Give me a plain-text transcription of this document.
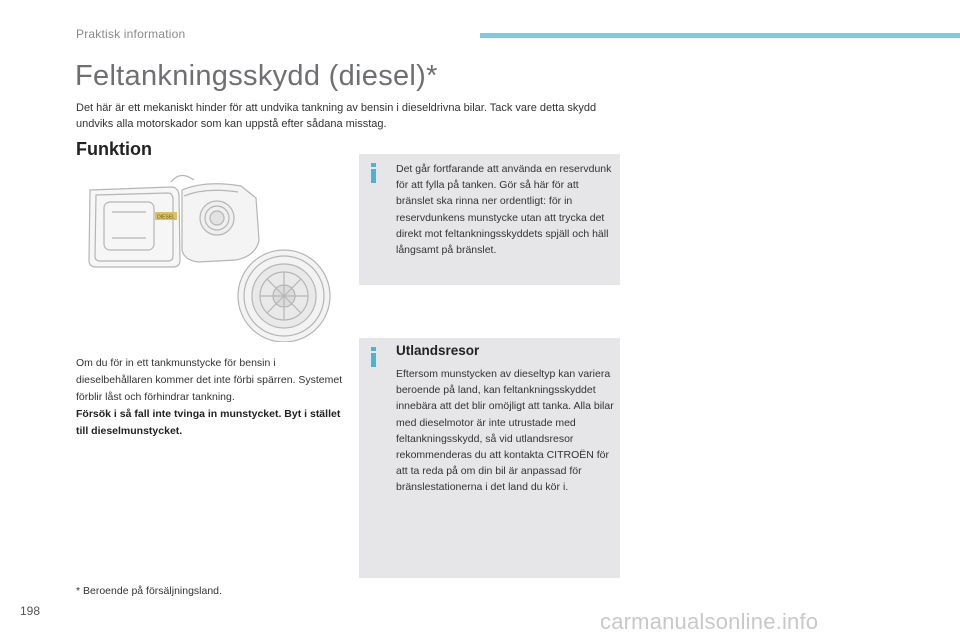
Praktisk information
Feltankningsskydd (diesel)*

Det här är ett mekaniskt hinder för att undvika tankning av bensin i dieseldrivna bilar. Tack vare detta skydd undviks alla motorskador som kan uppstå efter sådana misstag.

Funktion
DIESEL
Om du för in ett tankmunstycke för bensin i dieselbehållaren kommer det inte förbi spärren. Systemet förblir låst och förhindrar tankning.
Försök i så fall inte tvinga in munstycket. Byt i stället till dieselmunstycket.
Det går fortfarande att använda en reservdunk för att fylla på tanken. Gör så här för att bränslet ska rinna ner ordentligt: för in reservdunkens munstycke utan att trycka det direkt mot feltankningsskyddets spjäll och häll långsamt på bränslet.
Utlandsresor
Eftersom munstycken av dieseltyp kan variera beroende på land, kan feltankningsskyddet innebära att det blir omöjligt att tanka. Alla bilar med dieselmotor är inte utrustade med feltankningsskydd, så vid utlandsresor rekommenderas du att kontakta CITROËN för att ta reda på om din bil är anpassad för bränslestationerna i det land du kör i.
* Beroende på försäljningsland.
198	carmanualsonline.info
